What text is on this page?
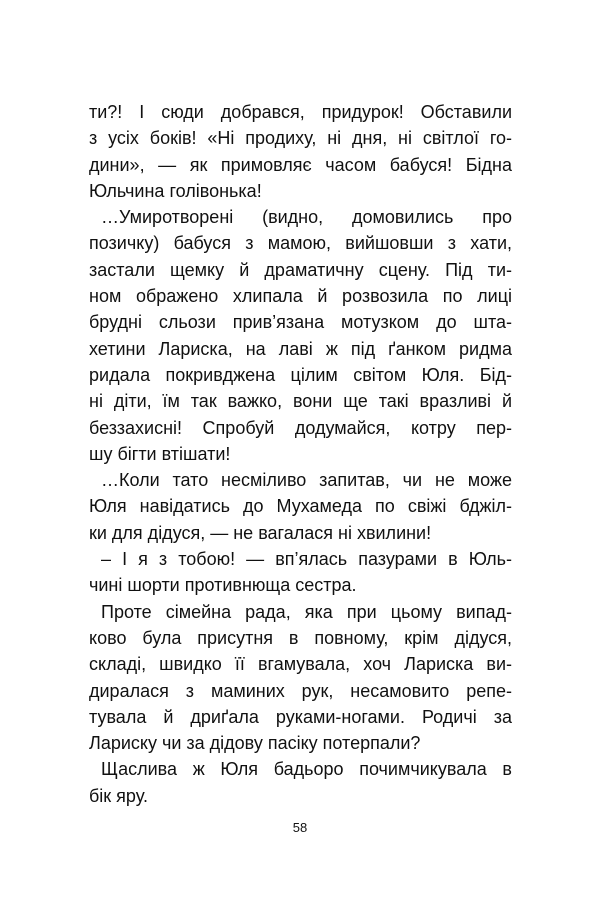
ти?! І сюди добрався, придурок! Обставили
з усіх боків! «Ні продиху, ні дня, ні світлої го-
дини», — як примовляє часом бабуся! Бідна
Юльчина голівонька!
…Умиротворені (видно, домовились про
позичку) бабуся з мамою, вийшовши з хати,
застали щемку й драматичну сцену. Під ти-
ном ображено хлипала й розвозила по лиці
брудні сльози прив’язана мотузком до шта-
хетини Лариска, на лаві ж під ґанком ридма
ридала покривджена цілим світом Юля. Бід-
ні діти, їм так важко, вони ще такі вразливі й
беззахисні! Спробуй додумайся, котру пер-
шу бігти втішати!
…Коли тато несміливо запитав, чи не може
Юля навідатись до Мухамеда по свіжі бджіл-
ки для дідуся, — не вагалася ні хвилини!
– І я з тобою! — вп’ялась пазурами в Юль-
чині шорти противнюща сестра.
Проте сімейна рада, яка при цьому випад-
ково була присутня в повному, крім дідуся,
складі, швидко її вгамувала, хоч Лариска ви-
диралася з маминих рук, несамовито репе-
тувала й дриґала руками-ногами. Родичі за
Лариску чи за дідову пасіку потерпали?
Щаслива ж Юля бадьоро почимчикувала в
бік яру.
58
